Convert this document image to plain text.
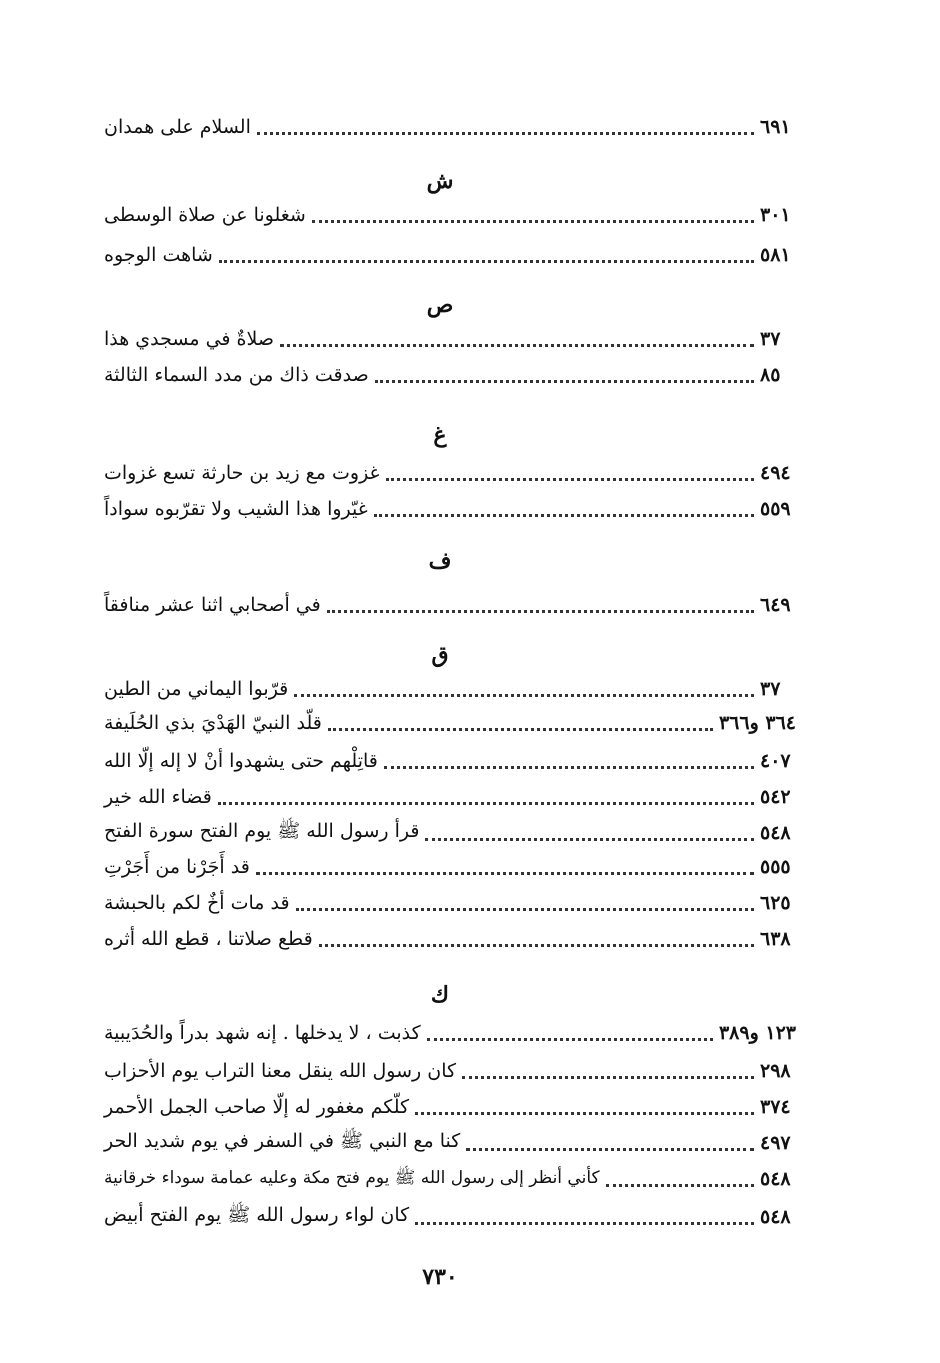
السلام على همدان	٦٩١
ش
شغلونا عن صلاة الوسطى	٣٠١
شاهت الوجوه	٥٨١
ص
صلاةٌ في مسجدي هذا	٣٧
صدقت ذاك من مدد السماء الثالثة	٨٥
غ
غزوت مع زيد بن حارثة تسع غزوات	٤٩٤
غيّروا هذا الشيب ولا تقرّبوه سواداً	٥٥٩
ف
في أصحابي اثنا عشر منافقاً	٦٤٩
ق
قرّبوا اليماني من الطين	٣٧
قلّد النبيّ الهَدْيَ بذي الحُلَيفة	٣٦٤ و٣٦٦
قاتِلْهم حتى يشهدوا أنْ لا إله إلّا الله	٤٠٧
قضاء الله خير	٥٤٢
قرأ رسول الله ﷺ يوم الفتح سورة الفتح	٥٤٨
قد أَجَرْنا من أَجَرْتِ	٥٥٥
قد مات أخٌ لكم بالحبشة	٦٢٥
قطع صلاتنا ، قطع الله أثره	٦٣٨
ك
كذبت ، لا يدخلها . إنه شهد بدراً والحُدَيبية	١٢٣ و٣٨٩
كان رسول الله ينقل معنا التراب يوم الأحزاب	٢٩٨
كلّكم مغفور له إلّا صاحب الجمل الأحمر	٣٧٤
كنا مع النبي ﷺ في السفر في يوم شديد الحر	٤٩٧
كأني أنظر إلى رسول الله ﷺ يوم فتح مكة وعليه عمامة سوداء خرقانية	٥٤٨
كان لواء رسول الله ﷺ يوم الفتح أبيض	٥٤٨
٧٣٠
